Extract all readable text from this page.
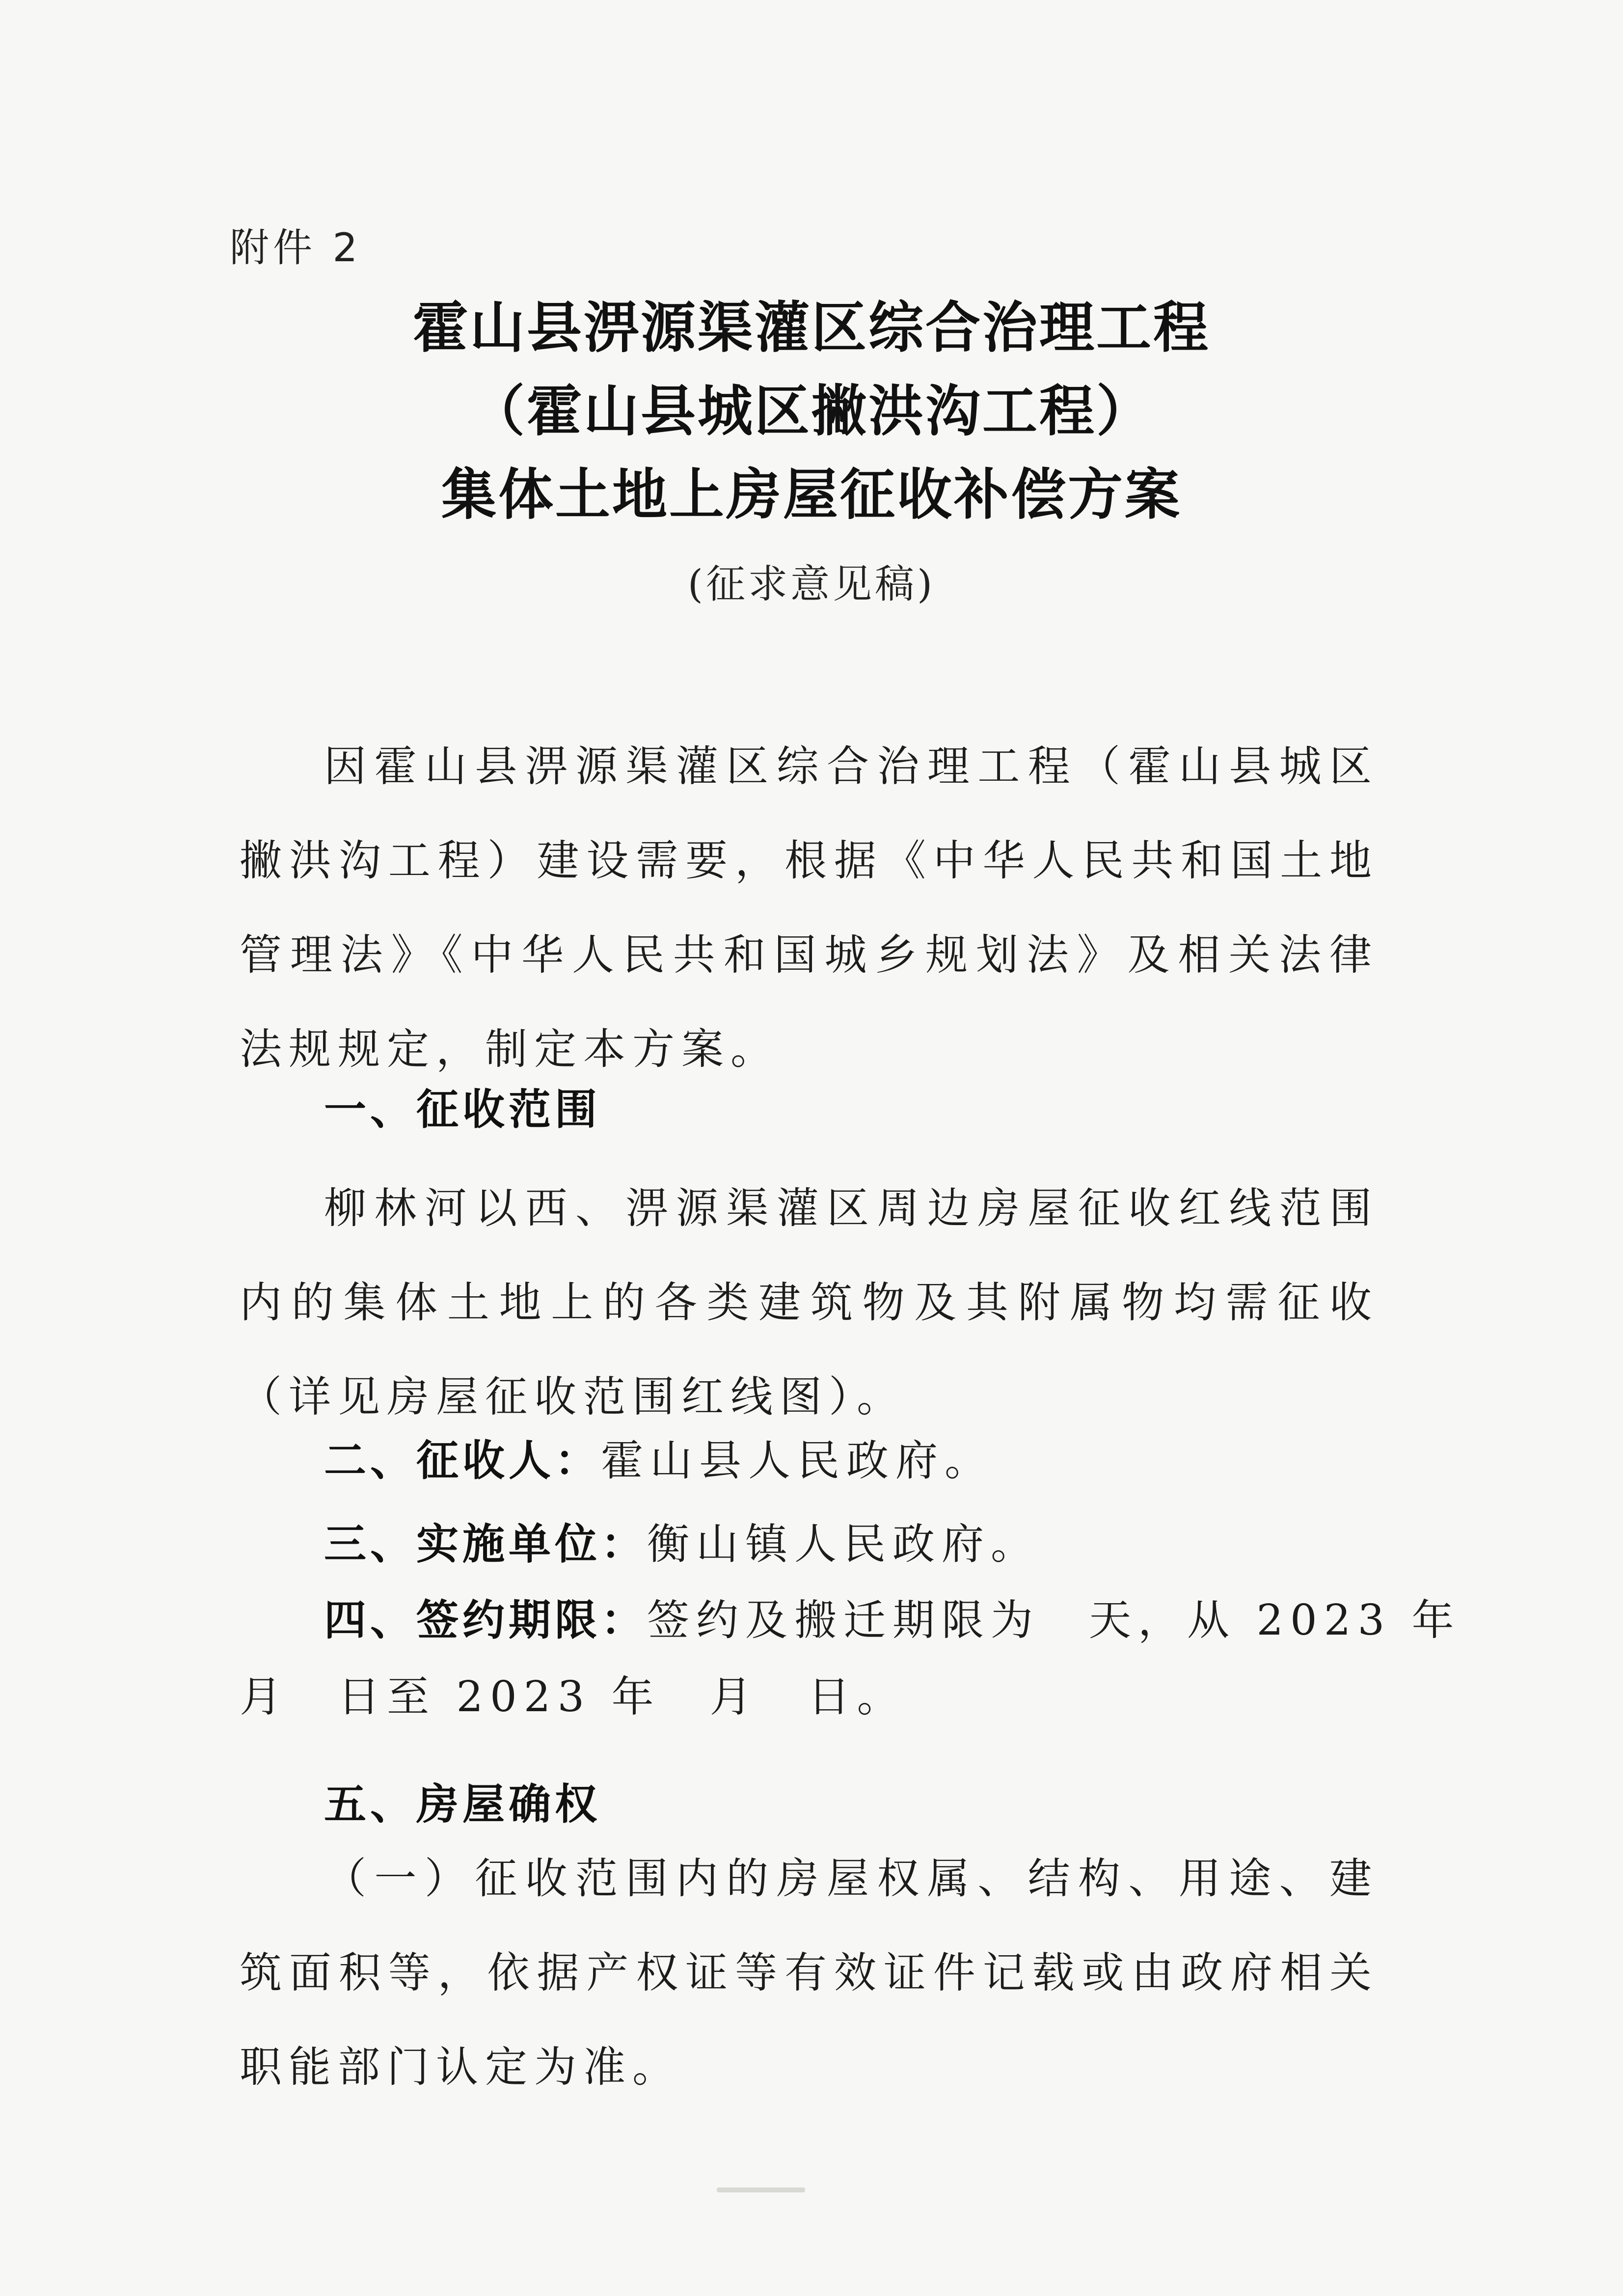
附件 2
霍山县淠源渠灌区综合治理工程
（霍山县城区撇洪沟工程）
集体土地上房屋征收补偿方案
(征求意见稿)
因霍山县淠源渠灌区综合治理工程（霍山县城区撇洪沟工程）建设需要，根据《中华人民共和国土地管理法》《中华人民共和国城乡规划法》及相关法律法规规定，制定本方案。
一、征收范围
柳林河以西、淠源渠灌区周边房屋征收红线范围内的集体土地上的各类建筑物及其附属物均需征收（详见房屋征收范围红线图）。
二、征收人：霍山县人民政府。
三、实施单位：衡山镇人民政府。
四、签约期限：签约及搬迁期限为　天，从 2023 年
月　日至 2023 年　月　日。
五、房屋确权
（一）征收范围内的房屋权属、结构、用途、建筑面积等，依据产权证等有效证件记载或由政府相关职能部门认定为准。
